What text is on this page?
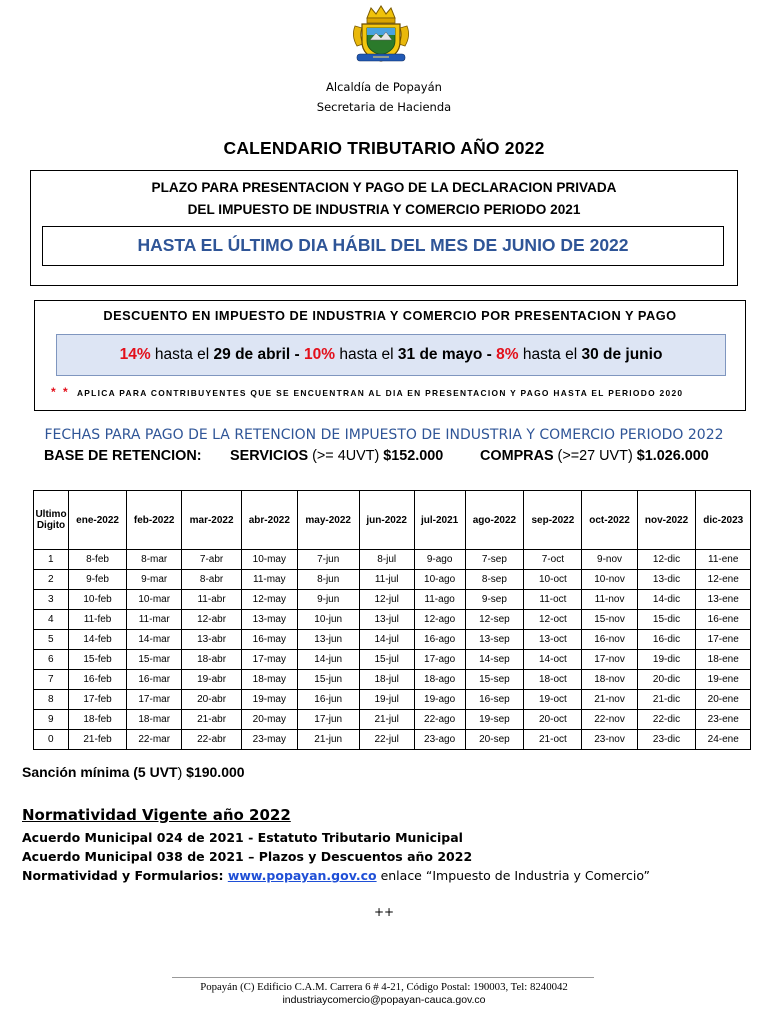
Alcaldía de Popayán
Secretaria de Hacienda
CALENDARIO TRIBUTARIO AÑO 2022
PLAZO PARA PRESENTACION Y PAGO DE LA DECLARACION PRIVADA
DEL IMPUESTO DE INDUSTRIA Y COMERCIO PERIODO 2021
HASTA EL ÚLTIMO DIA HÁBIL DEL MES DE JUNIO DE 2022
DESCUENTO EN IMPUESTO DE INDUSTRIA Y COMERCIO POR PRESENTACION Y PAGO
14% hasta el 29 de abril - 10% hasta el 31 de mayo - 8% hasta el 30 de junio
* * APLICA PARA CONTRIBUYENTES QUE SE ENCUENTRAN AL DIA EN PRESENTACION Y PAGO HASTA EL PERIODO 2020
FECHAS PARA PAGO DE LA RETENCION DE IMPUESTO DE INDUSTRIA Y COMERCIO PERIODO 2022
BASE DE RETENCION: SERVICIOS (>= 4UVT) $152.000	COMPRAS (>=27 UVT) $1.026.000
Ultimo
Digito	ene-2022	feb-2022	mar-2022	abr-2022	may-2022	jun-2022	jul-2021	ago-2022	sep-2022	oct-2022	nov-2022	dic-2023
1	8-feb	8-mar	7-abr	10-may	7-jun	8-jul	9-ago	7-sep	7-oct	9-nov	12-dic	11-ene
2	9-feb	9-mar	8-abr	11-may	8-jun	11-jul	10-ago	8-sep	10-oct	10-nov	13-dic	12-ene
3	10-feb	10-mar	11-abr	12-may	9-jun	12-jul	11-ago	9-sep	11-oct	11-nov	14-dic	13-ene
4	11-feb	11-mar	12-abr	13-may	10-jun	13-jul	12-ago	12-sep	12-oct	15-nov	15-dic	16-ene
5	14-feb	14-mar	13-abr	16-may	13-jun	14-jul	16-ago	13-sep	13-oct	16-nov	16-dic	17-ene
6	15-feb	15-mar	18-abr	17-may	14-jun	15-jul	17-ago	14-sep	14-oct	17-nov	19-dic	18-ene
7	16-feb	16-mar	19-abr	18-may	15-jun	18-jul	18-ago	15-sep	18-oct	18-nov	20-dic	19-ene
8	17-feb	17-mar	20-abr	19-may	16-jun	19-jul	19-ago	16-sep	19-oct	21-nov	21-dic	20-ene
9	18-feb	18-mar	21-abr	20-may	17-jun	21-jul	22-ago	19-sep	20-oct	22-nov	22-dic	23-ene
0	21-feb	22-mar	22-abr	23-may	21-jun	22-jul	23-ago	20-sep	21-oct	23-nov	23-dic	24-ene
Sanción mínima (5 UVT) $190.000
Normatividad Vigente año 2022
Acuerdo Municipal 024 de 2021 - Estatuto Tributario Municipal
Acuerdo Municipal 038 de 2021 – Plazos y Descuentos año 2022
Normatividad y Formularios: www.popayan.gov.co enlace “Impuesto de Industria y Comercio”
++
Popayán (C) Edificio C.A.M. Carrera 6 # 4-21, Código Postal: 190003, Tel: 8240042
industriaycomercio@popayan-cauca.gov.co
